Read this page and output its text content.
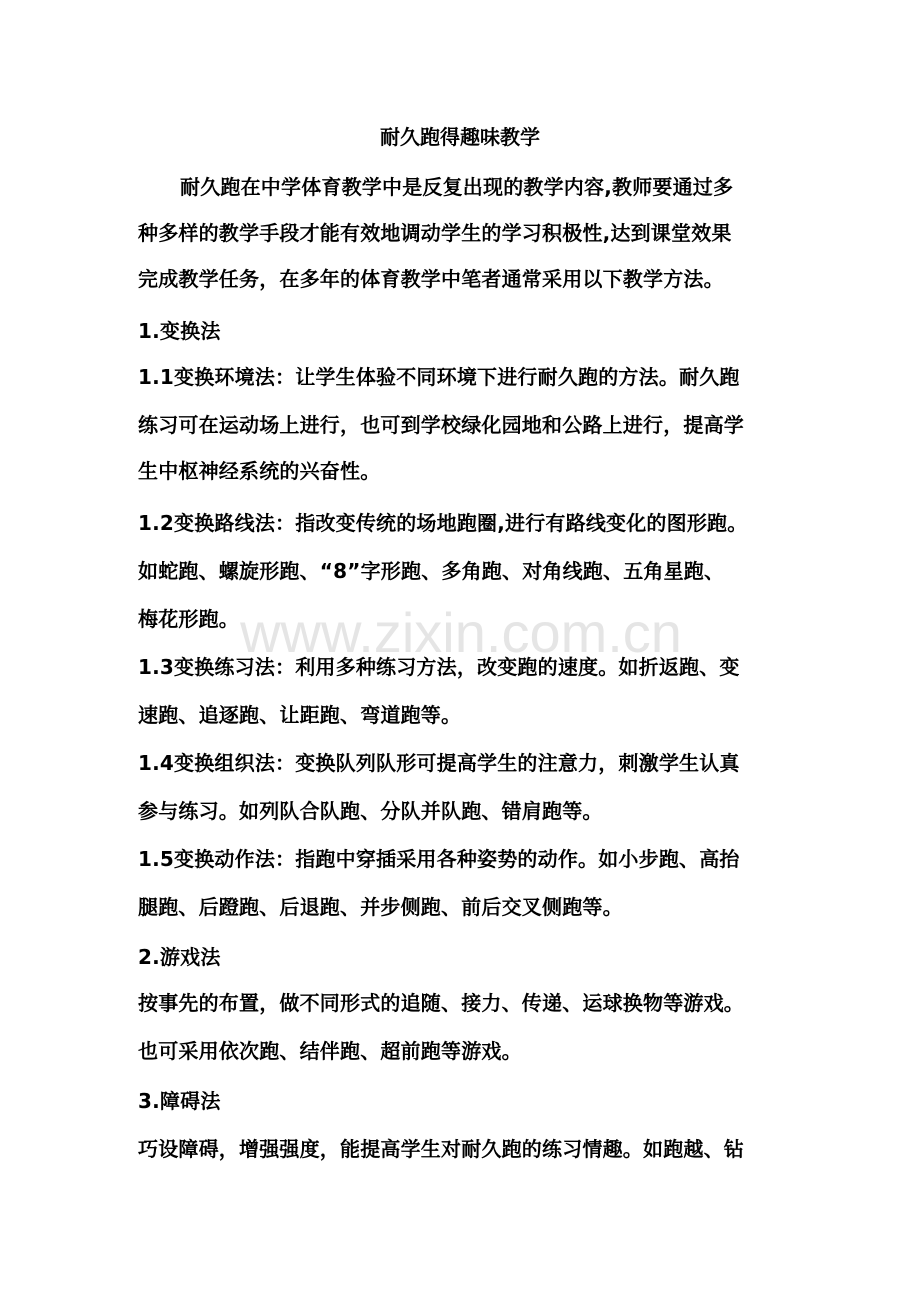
耐久跑得趣味教学
耐久跑在中学体育教学中是反复出现的教学内容,教师要通过多
种多样的教学手段才能有效地调动学生的学习积极性,达到课堂效果
完成教学任务，在多年的体育教学中笔者通常采用以下教学方法。
1.变换法
1.1变换环境法：让学生体验不同环境下进行耐久跑的方法。耐久跑
练习可在运动场上进行，也可到学校绿化园地和公路上进行，提高学
生中枢神经系统的兴奋性。
1.2变换路线法：指改变传统的场地跑圈,进行有路线变化的图形跑。
如蛇跑、螺旋形跑、“8”字形跑、多角跑、对角线跑、五角星跑、
梅花形跑。
1.3变换练习法：利用多种练习方法，改变跑的速度。如折返跑、变
速跑、追逐跑、让距跑、弯道跑等。
1.4变换组织法：变换队列队形可提高学生的注意力，刺激学生认真
参与练习。如列队合队跑、分队并队跑、错肩跑等。
1.5变换动作法：指跑中穿插采用各种姿势的动作。如小步跑、高抬
腿跑、后蹬跑、后退跑、并步侧跑、前后交叉侧跑等。
2.游戏法
按事先的布置，做不同形式的追随、接力、传递、运球换物等游戏。
也可采用依次跑、结伴跑、超前跑等游戏。
3.障碍法
巧设障碍，增强强度，能提高学生对耐久跑的练习情趣。如跑越、钻
www.zixin.com.cn
